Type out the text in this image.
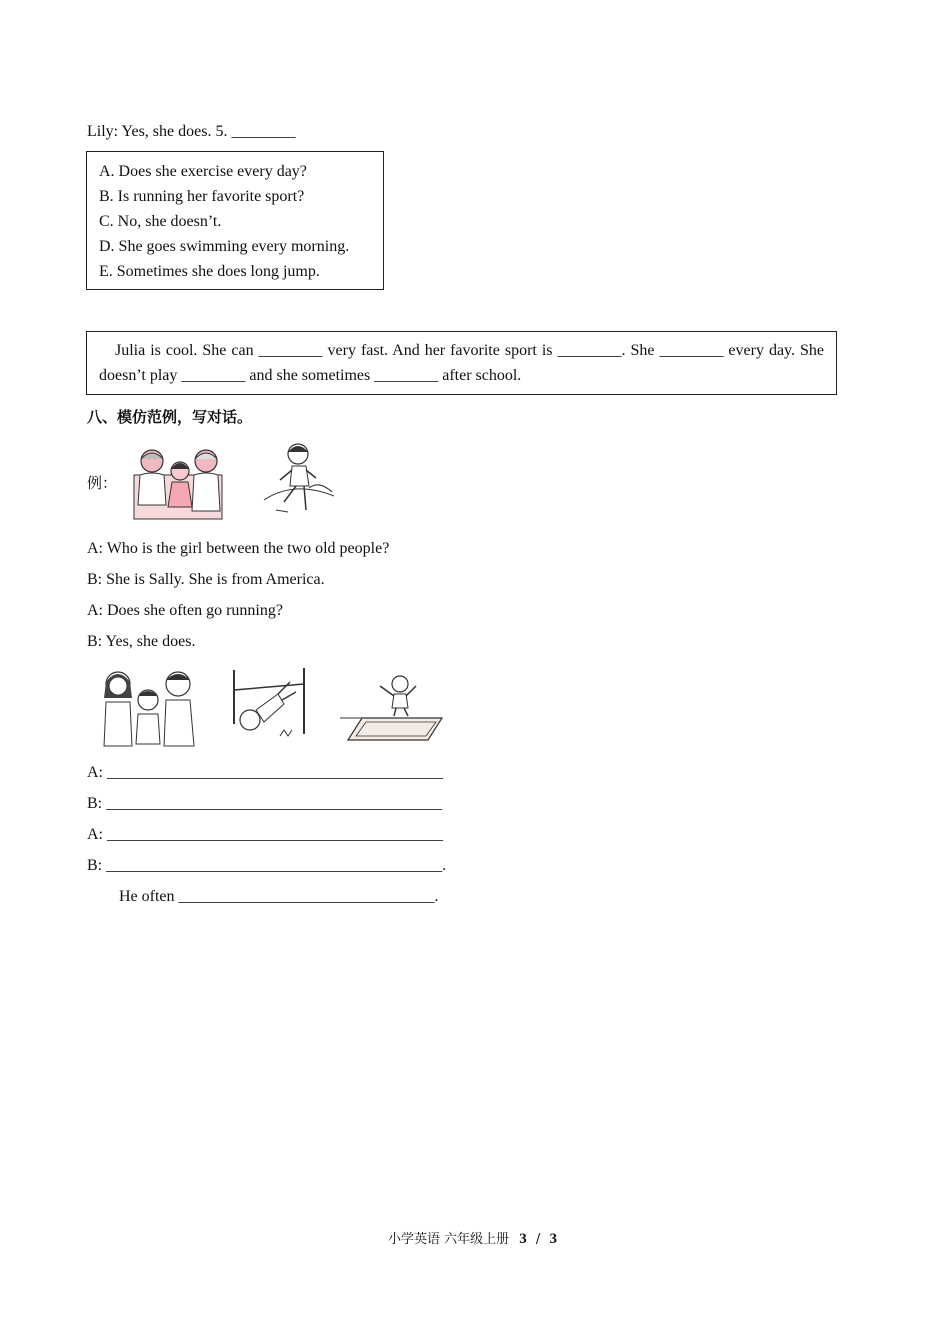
Lily: Yes, she does. 5. ________
A. Does she exercise every day?
B. Is running her favorite sport?
C. No, she doesn’t.
D. She goes swimming every morning.
E. Sometimes she does long jump.
Julia is cool. She can ________ very fast. And her favorite sport is ________. She ________ every day. She doesn’t play ________ and she sometimes ________ after school.
八、模仿范例，写对话。
例：
A: Who is the girl between the two old people?
B: She is Sally. She is from America.
A: Does she often go running?
B: Yes, she does.
A: __________________________________________
B: __________________________________________
A: __________________________________________
B: __________________________________________.
He often ________________________________.
小学英语 六年级上册 3 / 3
